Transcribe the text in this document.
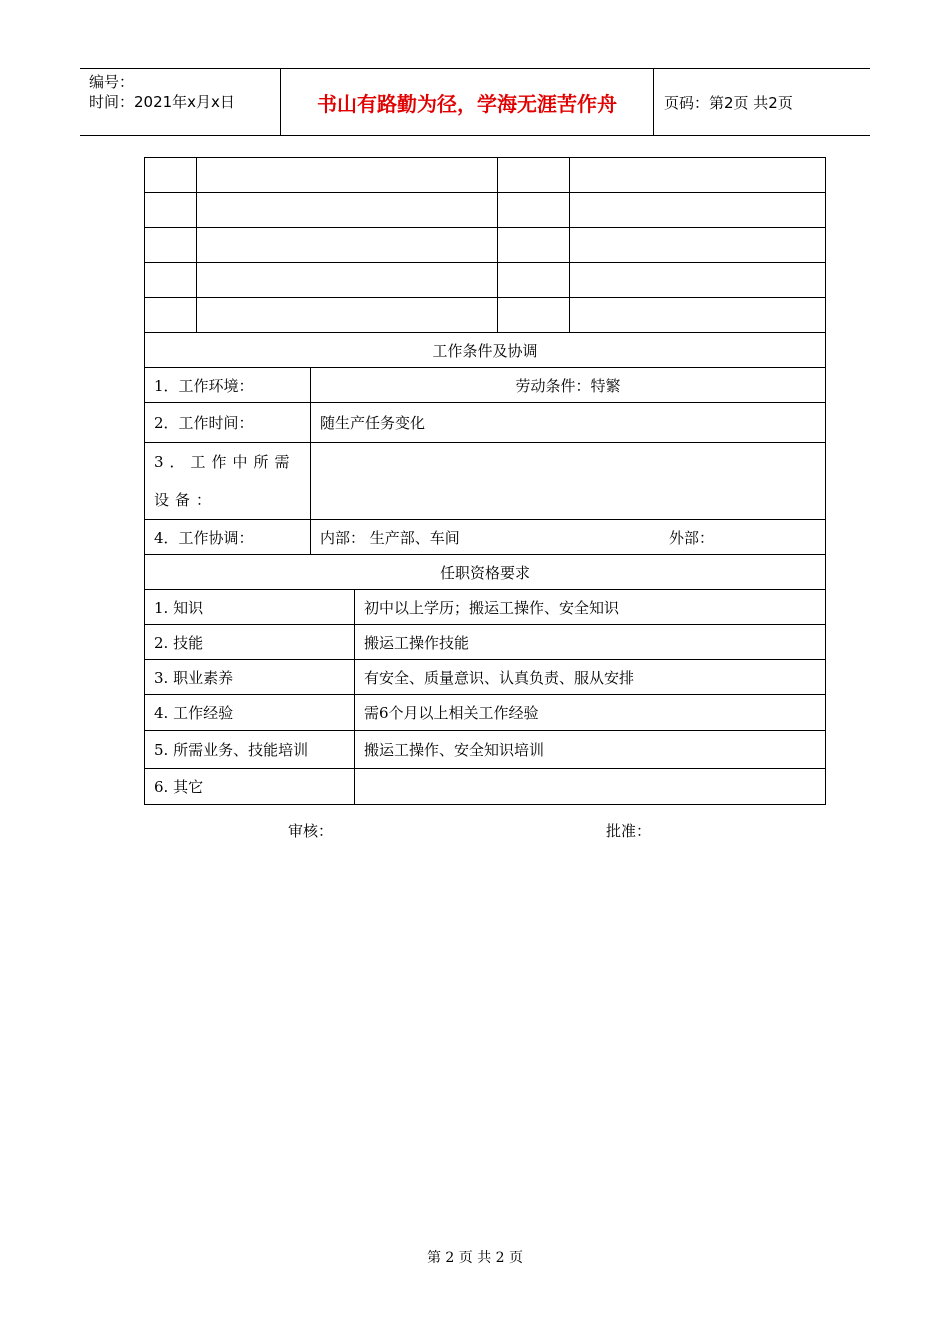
编号：
时间：2021年x月x日	书山有路勤为径，学海无涯苦作舟	页码：第2页 共2页

工作条件及协调					
1．工作环境：		劳动条件：特繁			
2．工作时间：		随生产任务变化			
3．工作中所需设备：					
4．工作协调：		内部： 生产部、车间 外部：			

任职资格要求					
1. 知识			初中以上学历；搬运工操作、安全知识		
2. 技能			搬运工操作技能		
3. 职业素养			有安全、质量意识、认真负责、服从安排		
4. 工作经验			需6个月以上相关工作经验		
5. 所需业务、技能培训			搬运工操作、安全知识培训		
6. 其它					
审核：	批准：
第 2 页 共 2 页
